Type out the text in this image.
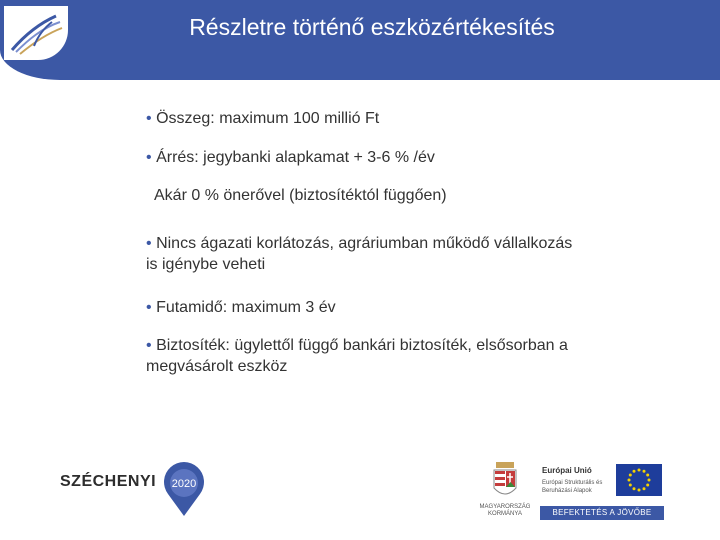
Részletre történő eszközértékesítés
• Összeg: maximum 100 millió Ft
• Árrés: jegybanki alapkamat + 3-6 % /év
Akár 0 % önerővel (biztosítéktól függően)
• Nincs ágazati korlátozás, agráriumban működő vállalkozás is igénybe veheti
• Futamidő: maximum 3 év
• Biztosíték: ügylettől függő bankári biztosíték, elsősorban a megvásárolt eszköz
SZÉCHENYI 2020
MAGYARORSZÁG
KORMÁNYA
Európai Unió
Európai Strukturális és Beruházási Alapok
BEFEKTETÉS A JÖVŐBE
